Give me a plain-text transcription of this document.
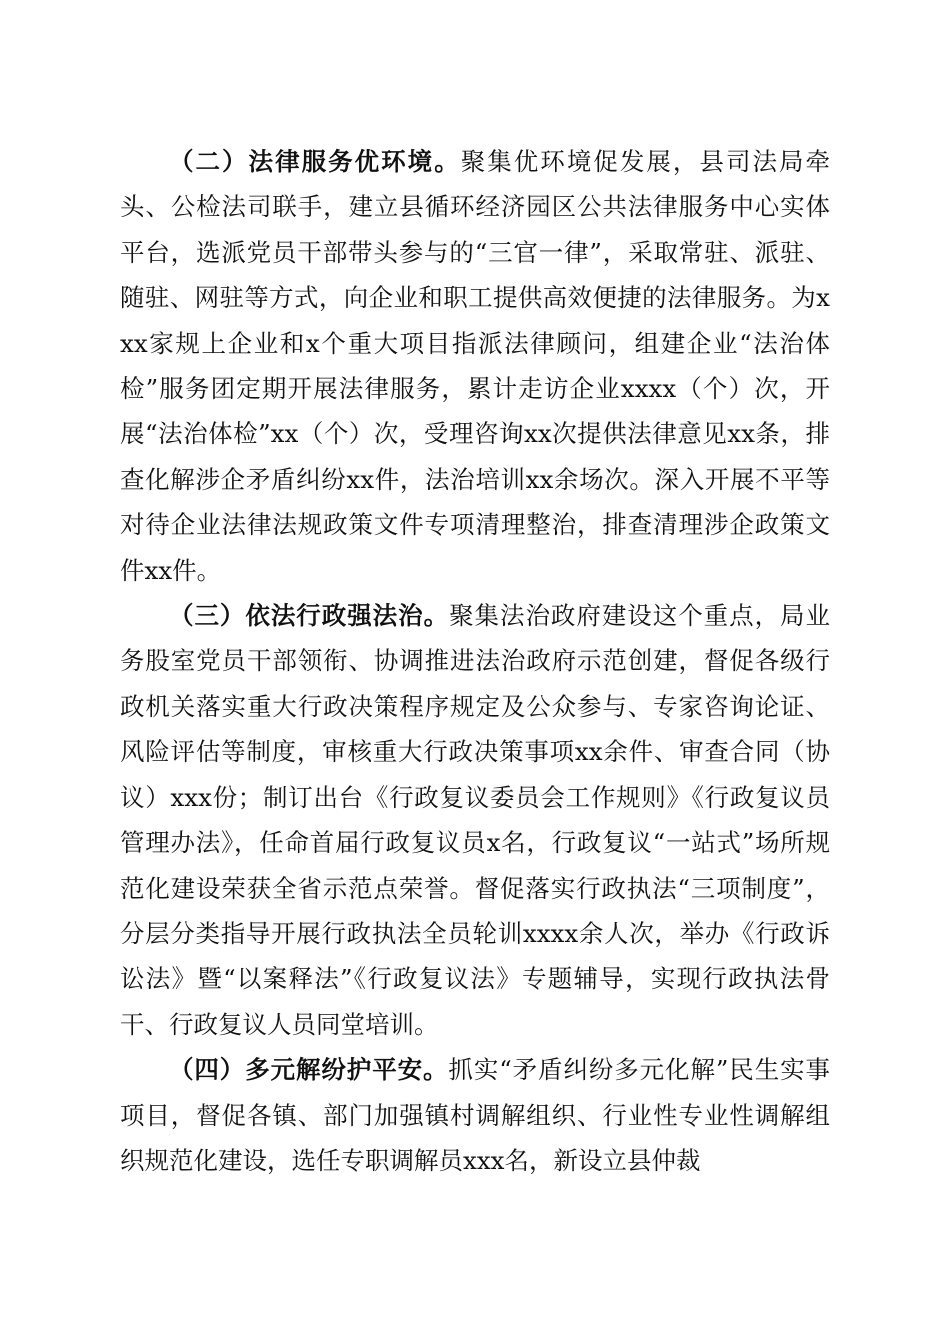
（二）法律服务优环境。聚集优环境促发展，县司法局牵头、公检法司联手，建立县循环经济园区公共法律服务中心实体平台，选派党员干部带头参与的“三官一律”，采取常驻、派驻、随驻、网驻等方式，向企业和职工提供高效便捷的法律服务。为xxx家规上企业和x个重大项目指派法律顾问，组建企业“法治体检”服务团定期开展法律服务，累计走访企业xxxx（个）次，开展“法治体检”xx（个）次，受理咨询xx次提供法律意见xx条，排查化解涉企矛盾纠纷xx件，法治培训xx余场次。深入开展不平等对待企业法律法规政策文件专项清理整治，排查清理涉企政策文件xx件。

（三）依法行政强法治。聚集法治政府建设这个重点，局业务股室党员干部领衔、协调推进法治政府示范创建，督促各级行政机关落实重大行政决策程序规定及公众参与、专家咨询论证、风险评估等制度，审核重大行政决策事项xx余件、审查合同（协议）xxx份；制订出台《行政复议委员会工作规则》《行政复议员管理办法》，任命首届行政复议员x名，行政复议“一站式”场所规范化建设荣获全省示范点荣誉。督促落实行政执法“三项制度”，分层分类指导开展行政执法全员轮训xxxx余人次，举办《行政诉讼法》暨“以案释法”《行政复议法》专题辅导，实现行政执法骨干、行政复议人员同堂培训。

（四）多元解纷护平安。抓实“矛盾纠纷多元化解”民生实事项目，督促各镇、部门加强镇村调解组织、行业性专业性调解组织规范化建设，选任专职调解员xxx名，新设立县仲裁
